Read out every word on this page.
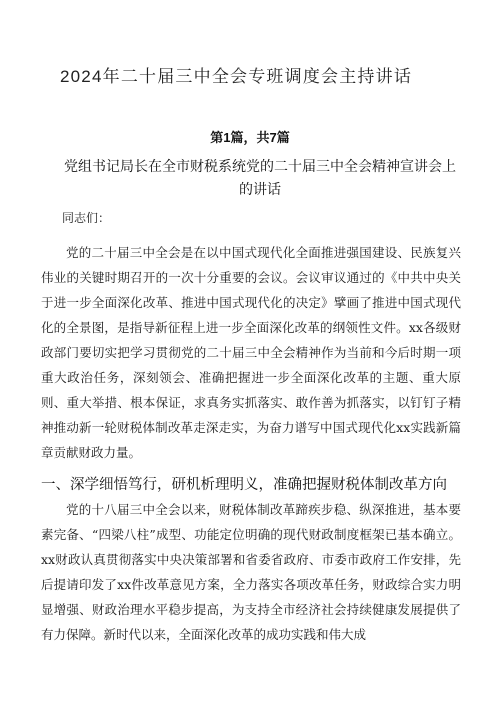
2024年二十届三中全会专班调度会主持讲话
第1篇，共7篇
党组书记局长在全市财税系统党的二十届三中全会精神宣讲会上的讲话
同志们：

党的二十届三中全会是在以中国式现代化全面推进强国建设、民族复兴伟业的关键时期召开的一次十分重要的会议。会议审议通过的《中共中央关于进一步全面深化改革、推进中国式现代化的决定》擘画了推进中国式现代化的全景图，是指导新征程上进一步全面深化改革的纲领性文件。xx各级财政部门要切实把学习贯彻党的二十届三中全会精神作为当前和今后时期一项重大政治任务，深刻领会、准确把握进一步全面深化改革的主题、重大原则、重大举措、根本保证，求真务实抓落实、敢作善为抓落实，以钉钉子精神推动新一轮财税体制改革走深走实，为奋力谱写中国式现代化xx实践新篇章贡献财政力量。

一、深学细悟笃行，研机析理明义，准确把握财税体制改革方向

党的十八届三中全会以来，财税体制改革蹄疾步稳、纵深推进，基本要素完备、“四梁八柱”成型、功能定位明确的现代财政制度框架已基本确立。xx财政认真贯彻落实中央决策部署和省委省政府、市委市政府工作安排，先后提请印发了xx件改革意见方案，全力落实各项改革任务，财政综合实力明显增强、财政治理水平稳步提高，为支持全市经济社会持续健康发展提供了有力保障。新时代以来，全面深化改革的成功实践和伟大成
